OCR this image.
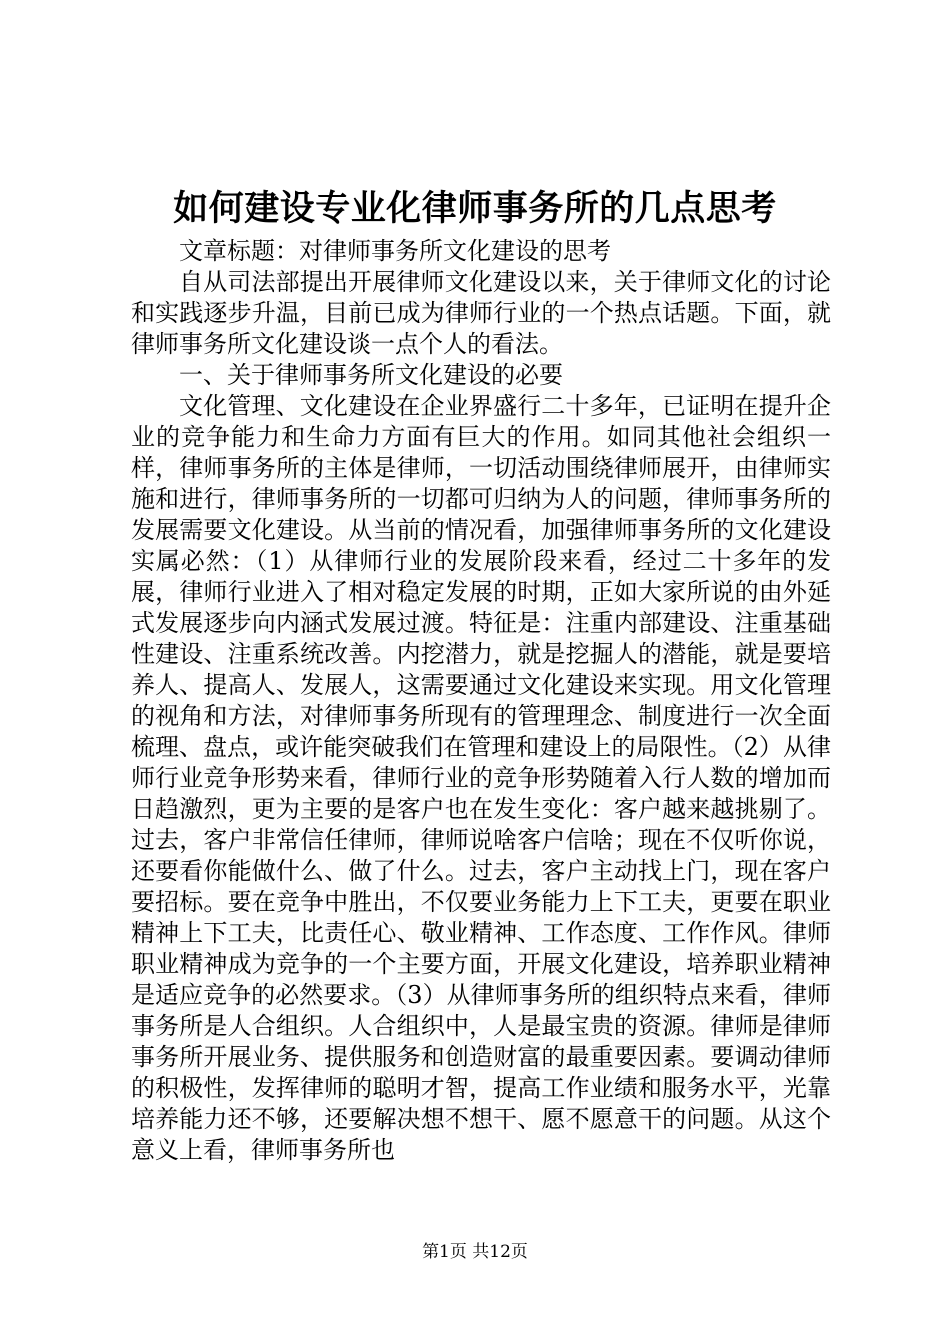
如何建设专业化律师事务所的几点思考

文章标题：对律师事务所文化建设的思考

自从司法部提出开展律师文化建设以来，关于律师文化的讨论和实践逐步升温，目前已成为律师行业的一个热点话题。下面，就律师事务所文化建设谈一点个人的看法。

一、关于律师事务所文化建设的必要

文化管理、文化建设在企业界盛行二十多年，已证明在提升企业的竞争能力和生命力方面有巨大的作用。如同其他社会组织一样，律师事务所的主体是律师，一切活动围绕律师展开，由律师实施和进行，律师事务所的一切都可归纳为人的问题，律师事务所的发展需要文化建设。从当前的情况看，加强律师事务所的文化建设实属必然：（1）从律师行业的发展阶段来看，经过二十多年的发展，律师行业进入了相对稳定发展的时期，正如大家所说的由外延式发展逐步向内涵式发展过渡。特征是：注重内部建设、注重基础性建设、注重系统改善。内挖潜力，就是挖掘人的潜能，就是要培养人、提高人、发展人，这需要通过文化建设来实现。用文化管理的视角和方法，对律师事务所现有的管理理念、制度进行一次全面梳理、盘点，或许能突破我们在管理和建设上的局限性。（2）从律师行业竞争形势来看，律师行业的竞争形势随着入行人数的增加而日趋激烈，更为主要的是客户也在发生变化：客户越来越挑剔了。过去，客户非常信任律师，律师说啥客户信啥；现在不仅听你说，还要看你能做什么、做了什么。过去，客户主动找上门，现在客户要招标。要在竞争中胜出，不仅要业务能力上下工夫，更要在职业精神上下工夫，比责任心、敬业精神、工作态度、工作作风。律师职业精神成为竞争的一个主要方面，开展文化建设，培养职业精神是适应竞争的必然要求。（3）从律师事务所的组织特点来看，律师事务所是人合组织。人合组织中，人是最宝贵的资源。律师是律师事务所开展业务、提供服务和创造财富的最重要因素。要调动律师的积极性，发挥律师的聪明才智，提高工作业绩和服务水平，光靠培养能力还不够，还要解决想不想干、愿不愿意干的问题。从这个意义上看，律师事务所也

第1页 共12页
